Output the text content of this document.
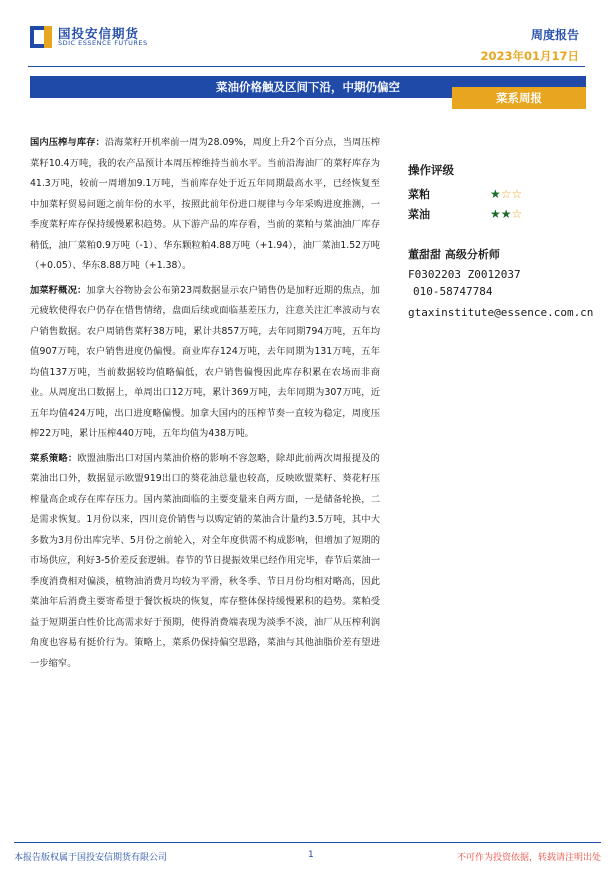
国投安信期货
SDIC ESSENCE FUTURES
周度报告
2023年01月17日
菜油价格触及区间下沿，中期仍偏空
菜系周报

国内压榨与库存：沿海菜籽开机率前一周为28.09%，周度上升2个百分点，当周压榨菜籽10.4万吨，我的农产品预计本周压榨维持当前水平。当前沿海油厂的菜籽库存为41.3万吨，较前一周增加9.1万吨，当前库存处于近五年同期最高水平，已经恢复至中加菜籽贸易问题之前年份的水平，按照此前年份进口规律与今年采购进度推测，一季度菜籽库存保持缓慢累积趋势。从下游产品的库存看，当前的菜粕与菜油油厂库存稍低，油厂菜粕0.9万吨（-1）、华东颗粒粕4.88万吨（+1.94），油厂菜油1.52万吨（+0.05）、华东8.88万吨（+1.38）。

加菜籽概况：加拿大谷物协会公布第23周数据显示农户销售仍是加籽近期的焦点，加元疲软使得农户仍存在惜售情绪，盘面后续或面临基差压力，注意关注汇率波动与农户销售数据。农户周销售菜籽38万吨，累计共857万吨，去年同期794万吨，五年均值907万吨，农户销售进度仍偏慢。商业库存124万吨，去年同期为131万吨，五年均值137万吨，当前数据较均值略偏低，农户销售偏慢因此库存积累在农场而非商业。从周度出口数据上，单周出口12万吨，累计369万吨，去年同期为307万吨，近五年均值424万吨，出口进度略偏慢。加拿大国内的压榨节奏一直较为稳定，周度压榨22万吨，累计压榨440万吨，五年均值为438万吨。

菜系策略：欧盟油脂出口对国内菜油价格的影响不容忽略，除却此前两次周报提及的菜油出口外，数据显示欧盟919出口的葵花油总量也较高，反映欧盟菜籽、葵花籽压榨量高企或存在库存压力。国内菜油面临的主要变量来自两方面，一是储备轮换，二是需求恢复。1月份以来，四川竞价销售与以购定销的菜油合计量约3.5万吨，其中大多数为3月份出库完毕、5月份之前轮入，对全年度供需不构成影响，但增加了短期的市场供应，利好3-5价差反套逻辑。春节的节日提振效果已经作用完毕，春节后菜油一季度消费相对偏淡，植物油消费月均较为平滑，秋冬季、节日月份均相对略高，因此菜油年后消费主要寄希望于餐饮板块的恢复，库存整体保持缓慢累积的趋势。菜粕受益于短期蛋白性价比高需求好于预期，使得消费端表现为淡季不淡，油厂从压榨利润角度也容易有挺价行为。策略上，菜系仍保持偏空思路，菜油与其他油脂价差有望进一步缩窄。

操作评级
菜粕	★☆☆
菜油	★★☆
董甜甜 高级分析师
F0302203 Z0012037
010-58747784
gtaxinstitute@essence.com.cn
本报告版权属于国投安信期货有限公司	1	不可作为投资依据，转载请注明出处
